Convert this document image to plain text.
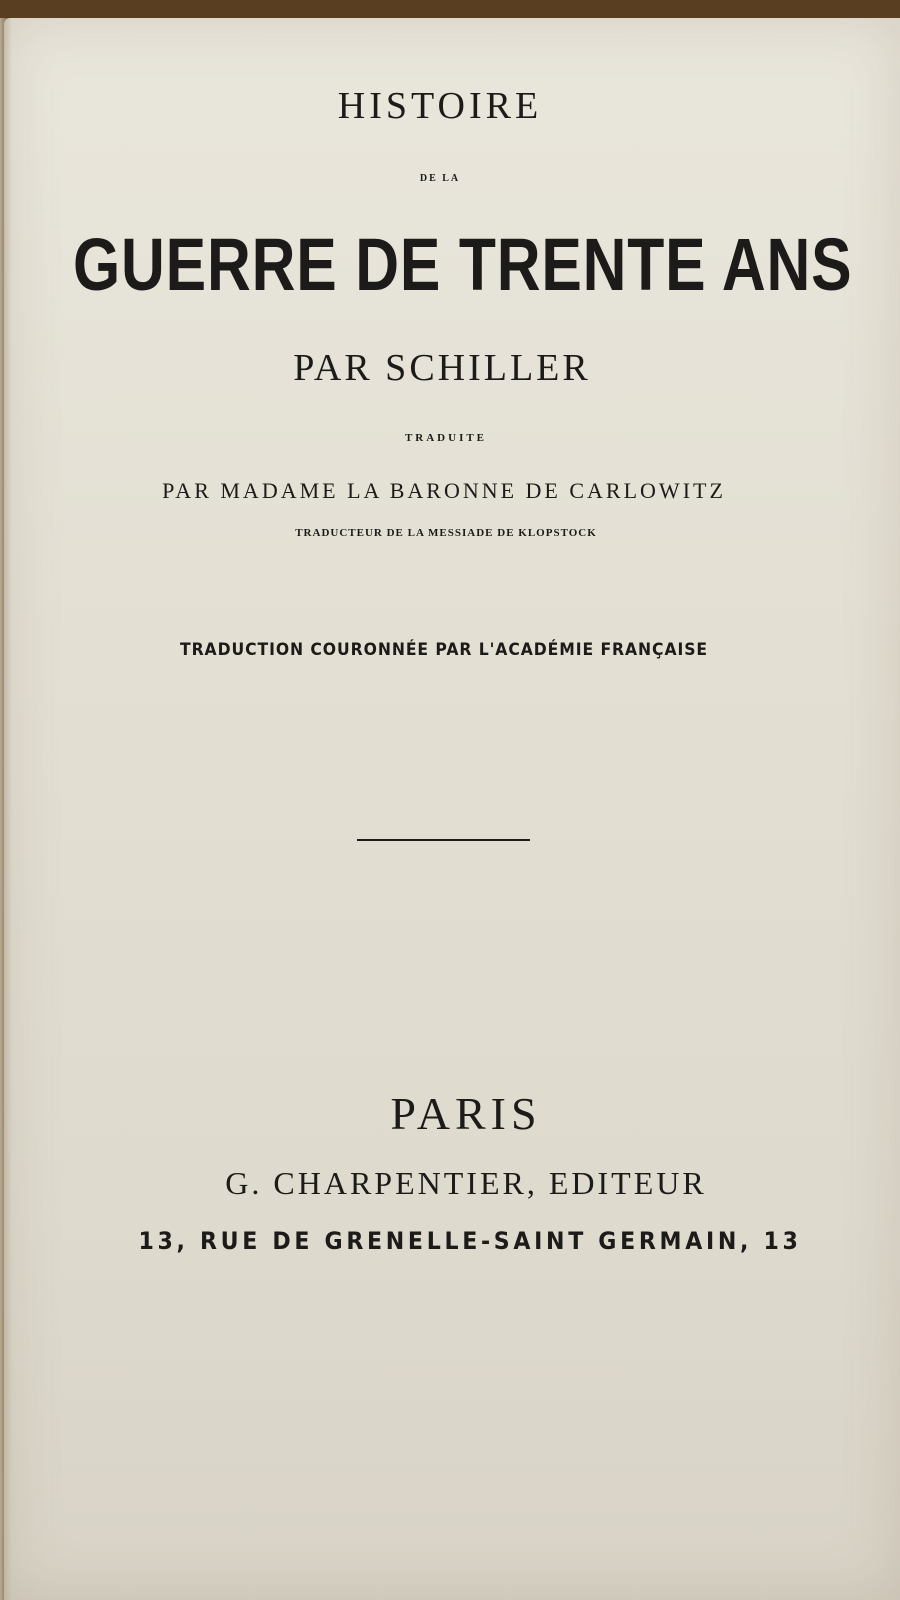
HISTOIRE
DE LA
GUERRE DE TRENTE ANS
PAR SCHILLER
TRADUITE
PAR MADAME LA BARONNE DE CARLOWITZ
TRADUCTEUR DE LA MESSIADE DE KLOPSTOCK
TRADUCTION COURONNÉE PAR L'ACADÉMIE FRANÇAISE
PARIS
G. CHARPENTIER, EDITEUR
13, RUE DE GRENELLE-SAINT GERMAIN, 13
